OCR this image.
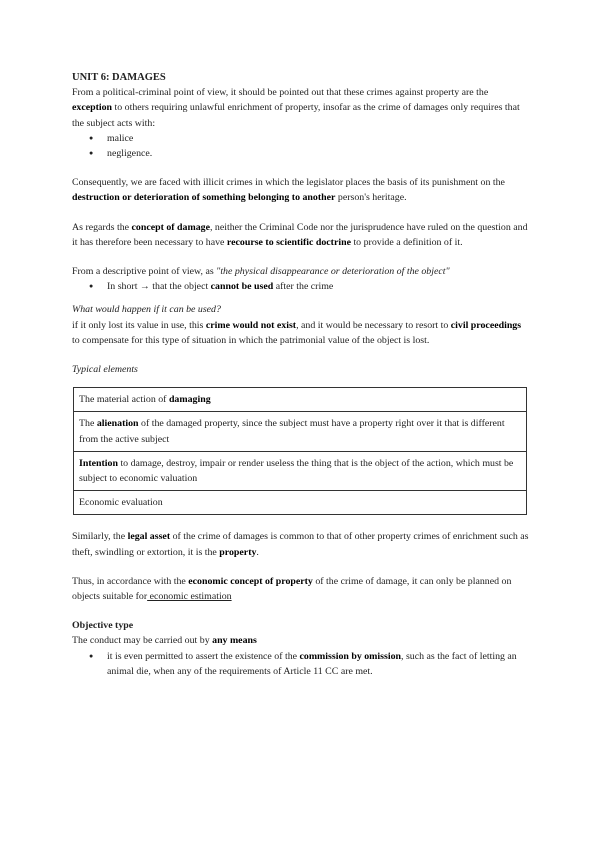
UNIT 6: DAMAGES

From a political-criminal point of view, it should be pointed out that these crimes against property are the exception to others requiring unlawful enrichment of property, insofar as the crime of damages only requires that the subject acts with:

● malice
● negligence.

Consequently, we are faced with illicit crimes in which the legislator places the basis of its punishment on the destruction or deterioration of something belonging to another person's heritage.

As regards the concept of damage, neither the Criminal Code nor the jurisprudence have ruled on the question and it has therefore been necessary to have recourse to scientific doctrine to provide a definition of it.

From a descriptive point of view, as "the physical disappearance or deterioration of the object"

● In short → that the object cannot be used after the crime

What would happen if it can be used?

if it only lost its value in use, this crime would not exist, and it would be necessary to resort to civil proceedings to compensate for this type of situation in which the patrimonial value of the object is lost.

Typical elements

The material action of damaging
The alienation of the damaged property, since the subject must have a property right over it that is different from the active subject
Intention to damage, destroy, impair or render useless the thing that is the object of the action, which must be subject to economic valuation
Economic evaluation

Similarly, the legal asset of the crime of damages is common to that of other property crimes of enrichment such as theft, swindling or extortion, it is the property.

Thus, in accordance with the economic concept of property of the crime of damage, it can only be planned on objects suitable for economic estimation

Objective type

The conduct may be carried out by any means

● it is even permitted to assert the existence of the commission by omission, such as the fact of letting an animal die, when any of the requirements of Article 11 CC are met.
